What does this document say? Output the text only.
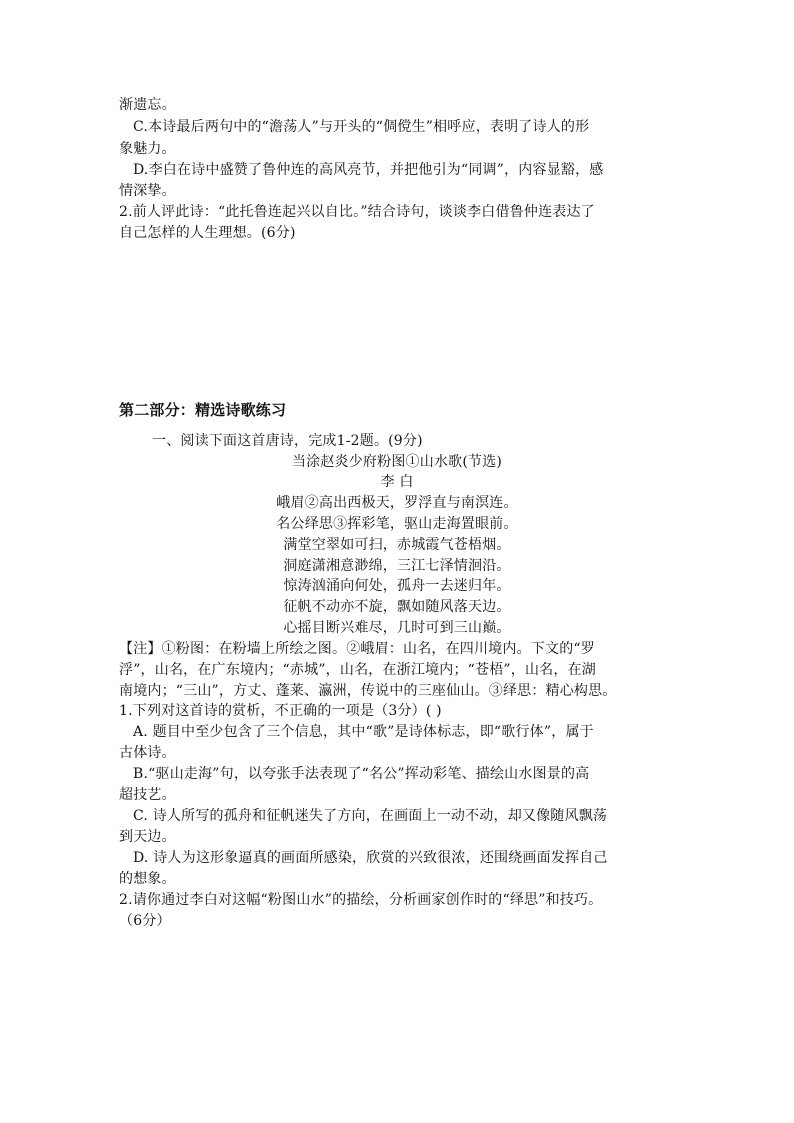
渐遗忘。
C.本诗最后两句中的“澹荡人”与开头的“倜傥生”相呼应，表明了诗人的形
象魅力。
D.李白在诗中盛赞了鲁仲连的高风亮节，并把他引为“同调”，内容显豁，感
情深挚。
2.前人评此诗：“此托鲁连起兴以自比。”结合诗句，谈谈李白借鲁仲连表达了
自己怎样的人生理想。(6分)
第二部分：精选诗歌练习
一、阅读下面这首唐诗，完成1-2题。(9分)
当涂赵炎少府粉图①山水歌(节选)
李 白
峨眉②高出西极天，罗浮直与南溟连。
名公绎思③挥彩笔，驱山走海置眼前。
满堂空翠如可扫，赤城霞气苍梧烟。
洞庭潇湘意渺绵，三江七泽情洄沿。
惊涛汹涌向何处，孤舟一去迷归年。
征帆不动亦不旋，飘如随风落天边。
心摇目断兴难尽，几时可到三山巅。
【注】①粉图：在粉墙上所绘之图。②峨眉：山名，在四川境内。下文的“罗
浮”，山名，在广东境内；“赤城”，山名，在浙江境内；“苍梧”，山名，在湖
南境内；“三山”，方丈、蓬莱、瀛洲，传说中的三座仙山。③绎思：精心构思。
1.下列对这首诗的赏析，不正确的一项是（3分）( )
A. 题目中至少包含了三个信息，其中“歌”是诗体标志，即“歌行体”，属于
古体诗。
B.“驱山走海”句，以夸张手法表现了“名公”挥动彩笔、描绘山水图景的高
超技艺。
C. 诗人所写的孤舟和征帆迷失了方向，在画面上一动不动，却又像随风飘荡
到天边。
D. 诗人为这形象逼真的画面所感染，欣赏的兴致很浓，还围绕画面发挥自己
的想象。
2.请你通过李白对这幅“粉图山水”的描绘，分析画家创作时的“绎思”和技巧。
（6分）
